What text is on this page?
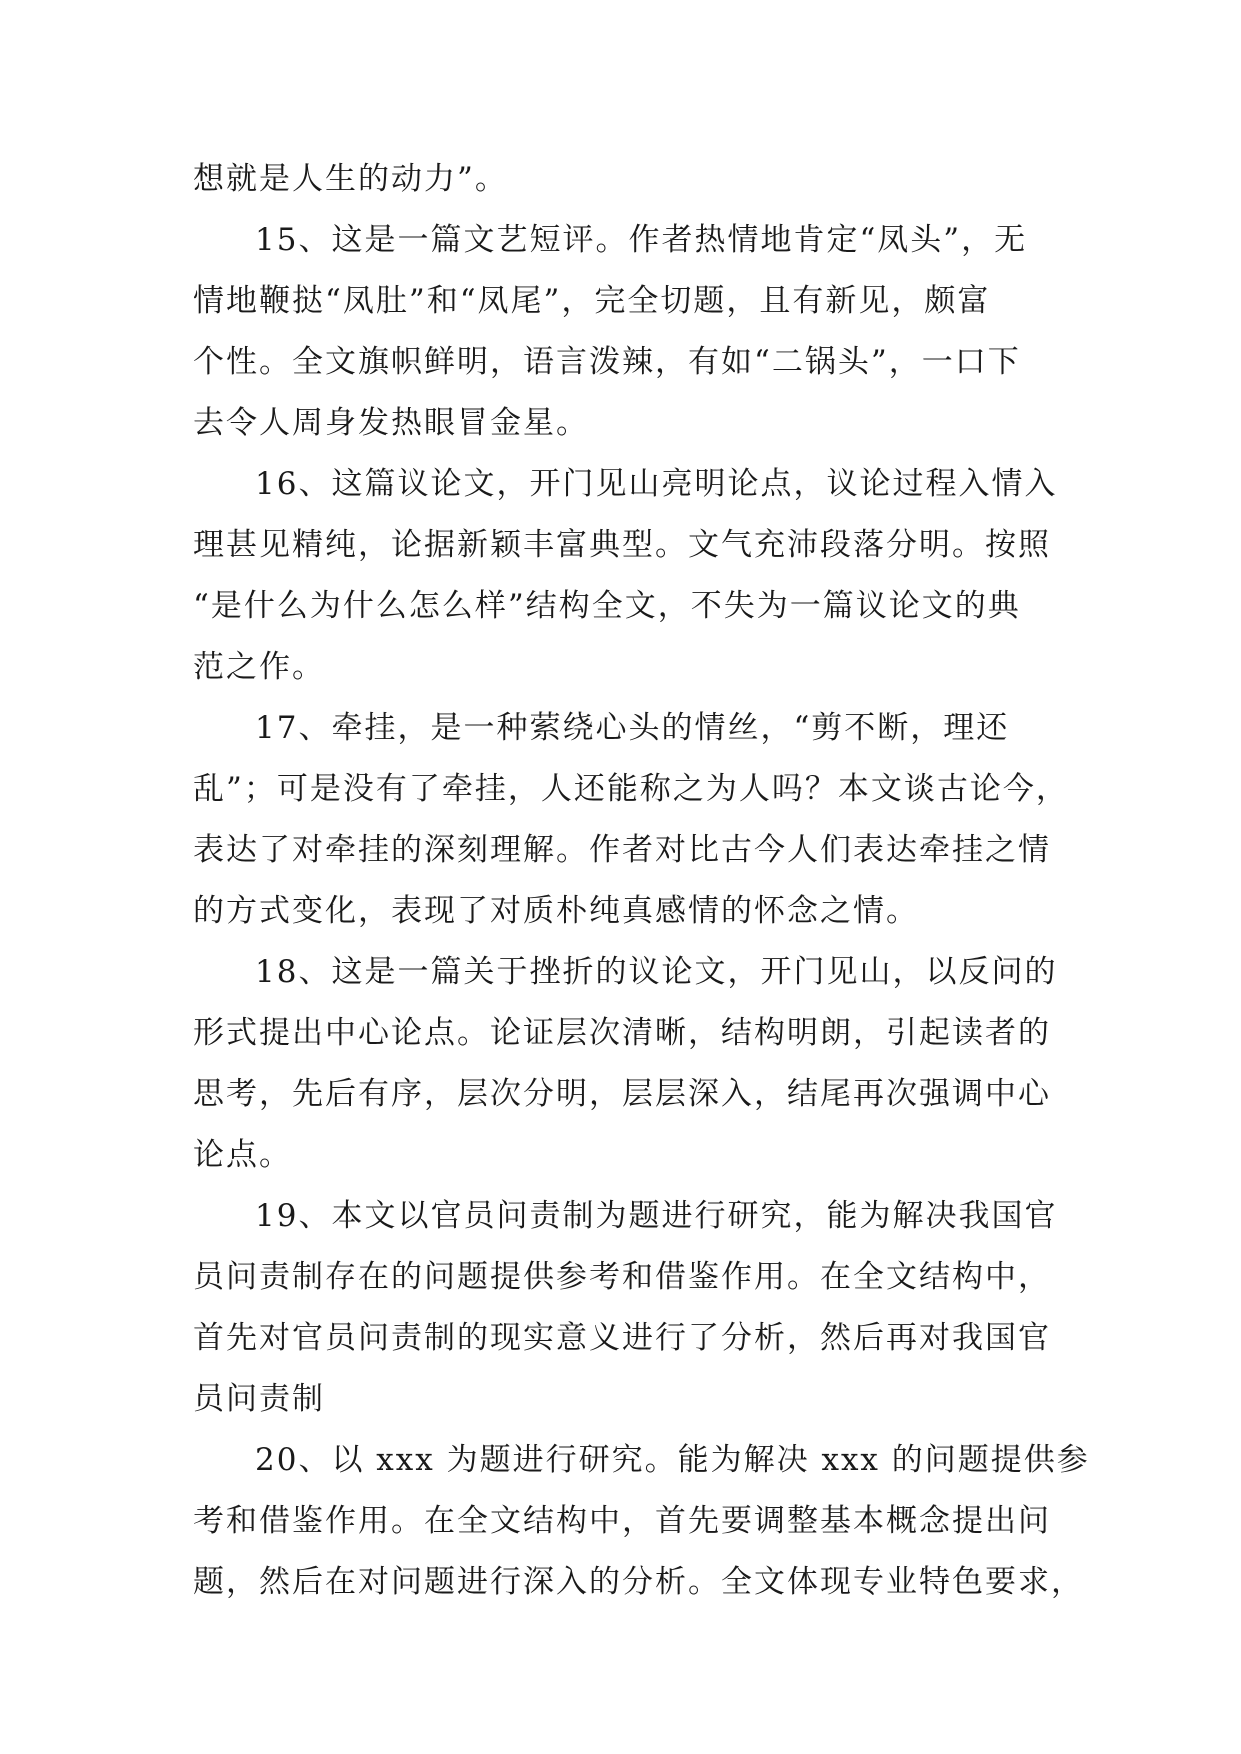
想就是人生的动力”。
15、这是一篇文艺短评。作者热情地肯定“凤头”，无
情地鞭挞“凤肚”和“凤尾”，完全切题，且有新见，颇富
个性。全文旗帜鲜明，语言泼辣，有如“二锅头”，一口下
去令人周身发热眼冒金星。
16、这篇议论文，开门见山亮明论点，议论过程入情入
理甚见精纯，论据新颖丰富典型。文气充沛段落分明。按照
“是什么为什么怎么样”结构全文，不失为一篇议论文的典
范之作。
17、牵挂，是一种萦绕心头的情丝，“剪不断，理还
乱”；可是没有了牵挂，人还能称之为人吗？本文谈古论今，
表达了对牵挂的深刻理解。作者对比古今人们表达牵挂之情
的方式变化，表现了对质朴纯真感情的怀念之情。
18、这是一篇关于挫折的议论文，开门见山，以反问的
形式提出中心论点。论证层次清晰，结构明朗，引起读者的
思考，先后有序，层次分明，层层深入，结尾再次强调中心
论点。
19、本文以官员问责制为题进行研究，能为解决我国官
员问责制存在的问题提供参考和借鉴作用。在全文结构中，
首先对官员问责制的现实意义进行了分析，然后再对我国官
员问责制
20、以 xxx 为题进行研究。能为解决 xxx 的问题提供参
考和借鉴作用。在全文结构中，首先要调整基本概念提出问
题，然后在对问题进行深入的分析。全文体现专业特色要求，
